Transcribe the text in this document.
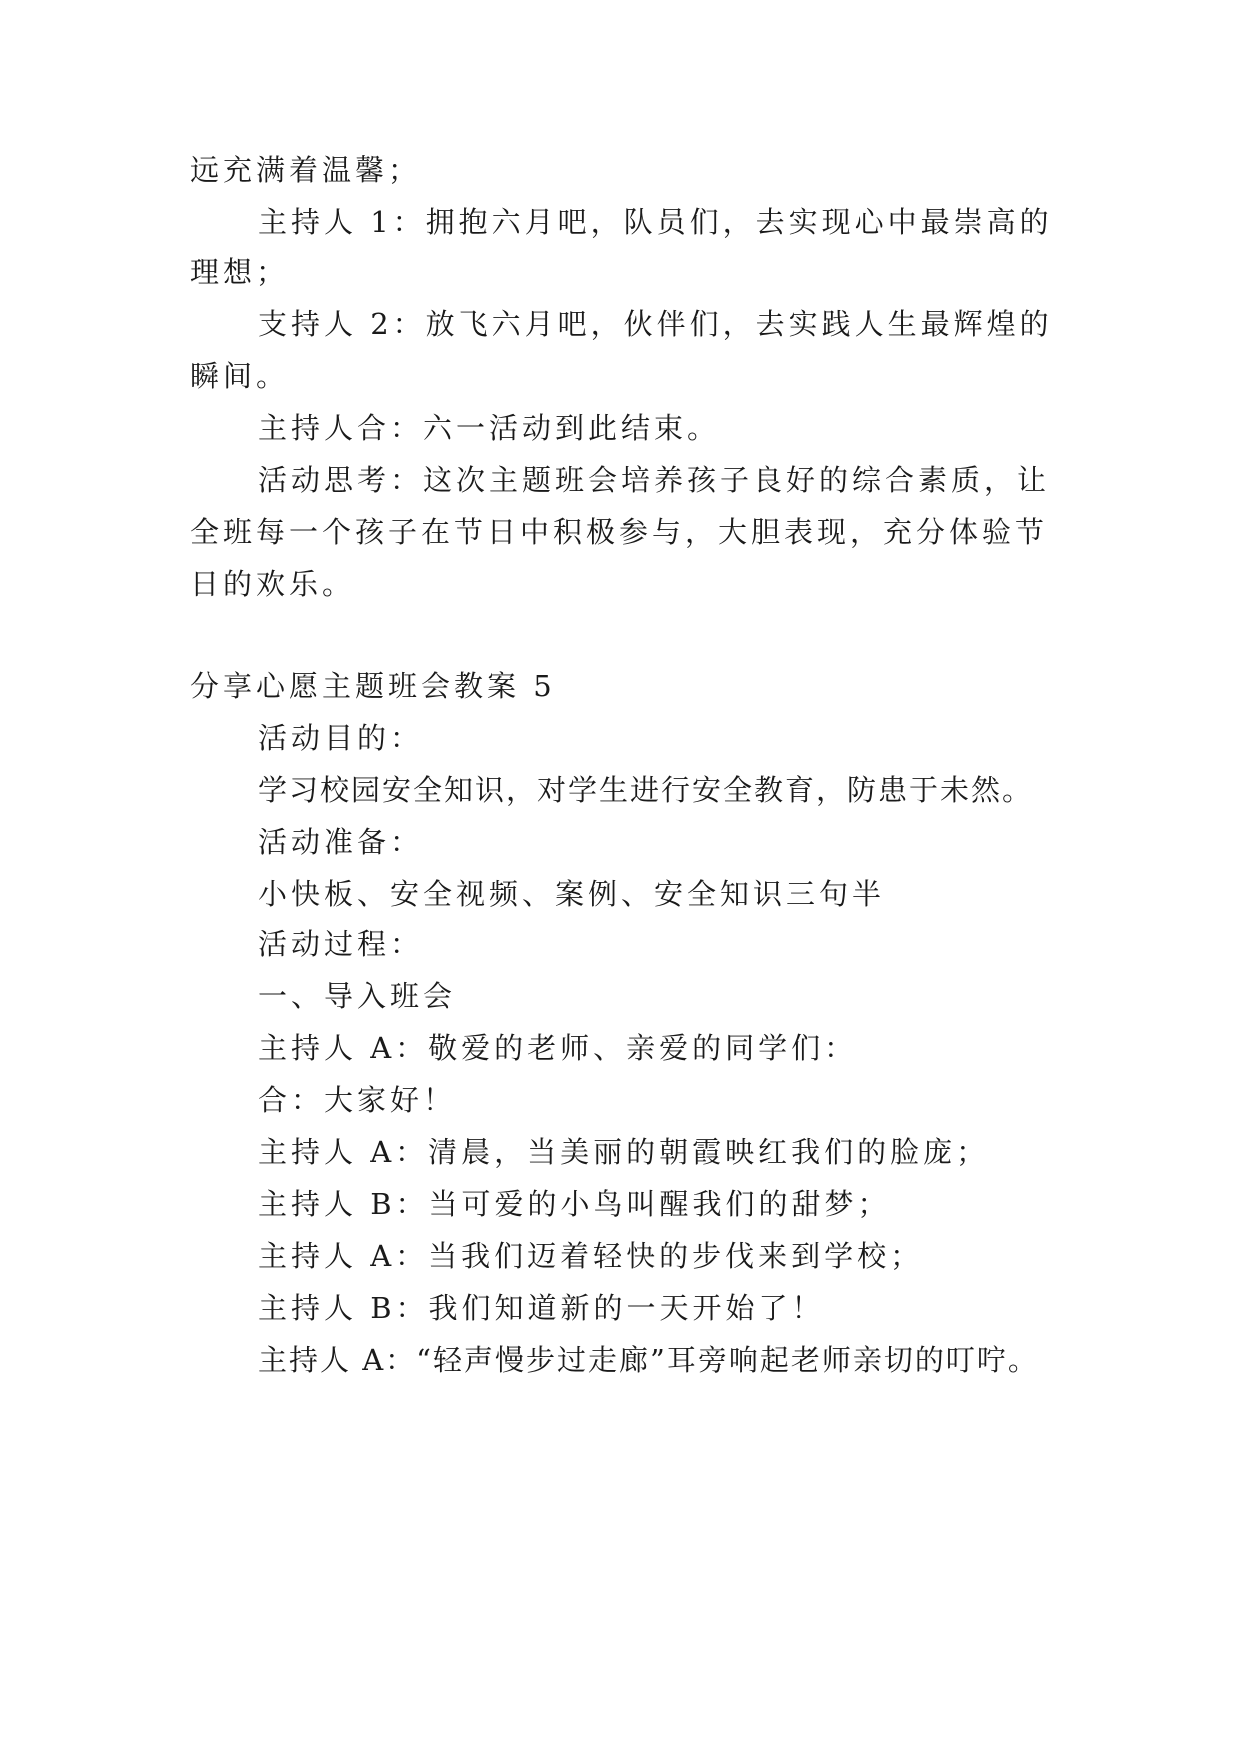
远充满着温馨；
主持人 1：拥抱六月吧，队员们，去实现心中最崇高的
理想；
支持人 2：放飞六月吧，伙伴们，去实践人生最辉煌的
瞬间。
主持人合：六一活动到此结束。
活动思考：这次主题班会培养孩子良好的综合素质，让
全班每一个孩子在节日中积极参与，大胆表现，充分体验节
日的欢乐。
分享心愿主题班会教案 5
活动目的：
学习校园安全知识，对学生进行安全教育，防患于未然。
活动准备：
小快板、安全视频、案例、安全知识三句半
活动过程：
一、导入班会
主持人 A：敬爱的老师、亲爱的同学们：
合：大家好！
主持人 A：清晨，当美丽的朝霞映红我们的脸庞；
主持人 B：当可爱的小鸟叫醒我们的甜梦；
主持人 A：当我们迈着轻快的步伐来到学校；
主持人 B：我们知道新的一天开始了！
主持人 A：“轻声慢步过走廊”耳旁响起老师亲切的叮咛。
